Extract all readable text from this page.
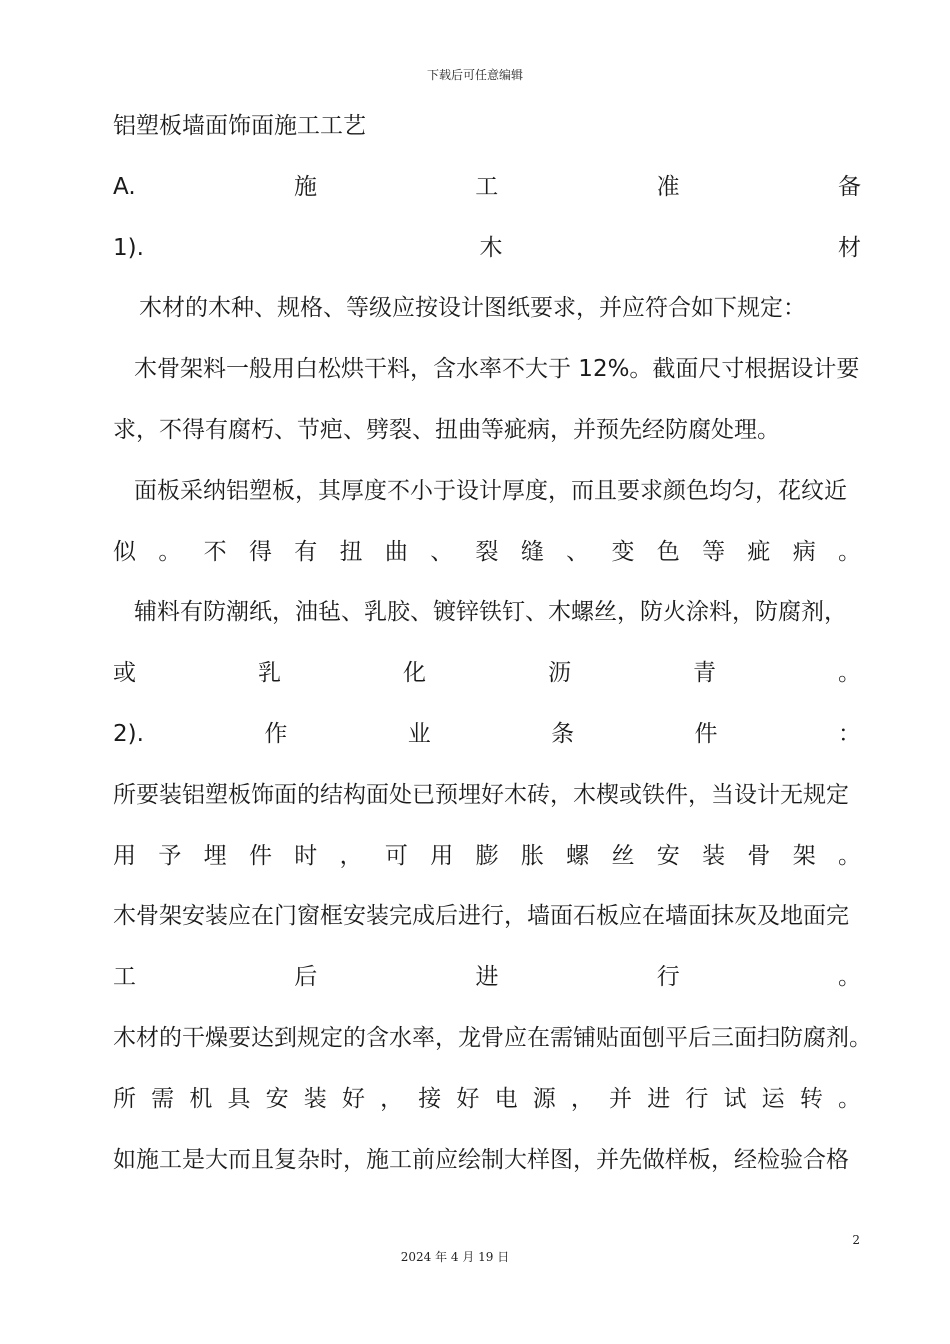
下载后可任意编辑
铝塑板墙面饰面施工工艺
A.	施	工	准	备
1).	木	材
木材的木种、规格、等级应按设计图纸要求，并应符合如下规定：
木骨架料一般用白松烘干料，含水率不大于 12%。截面尺寸根据设计要
求，不得有腐朽、节疤、劈裂、扭曲等疵病，并预先经防腐处理。
面板采纳铝塑板，其厚度不小于设计厚度，而且要求颜色均匀，花纹近
似 。 不 得 有 扭 曲 、 裂 缝 、 变 色 等 疵 病 。
辅料有防潮纸，油毡、乳胶、镀锌铁钉、木螺丝，防火涂料，防腐剂，
或	乳	化	沥	青	。
2).	作	业	条	件	：
所要装铝塑板饰面的结构面处已预埋好木砖，木楔或铁件，当设计无规定
用 予 埋 件 时 ， 可 用 膨 胀 螺 丝 安 装 骨 架 。
木骨架安装应在门窗框安装完成后进行，墙面石板应在墙面抹灰及地面完
工	后	进	行	。
木材的干燥要达到规定的含水率，龙骨应在需铺贴面刨平后三面扫防腐剂。
所 需 机 具 安 装 好 ， 接 好 电 源 ， 并 进 行 试 运 转 。
如施工是大而且复杂时，施工前应绘制大样图，并先做样板，经检验合格
2
2024 年 4 月 19 日
